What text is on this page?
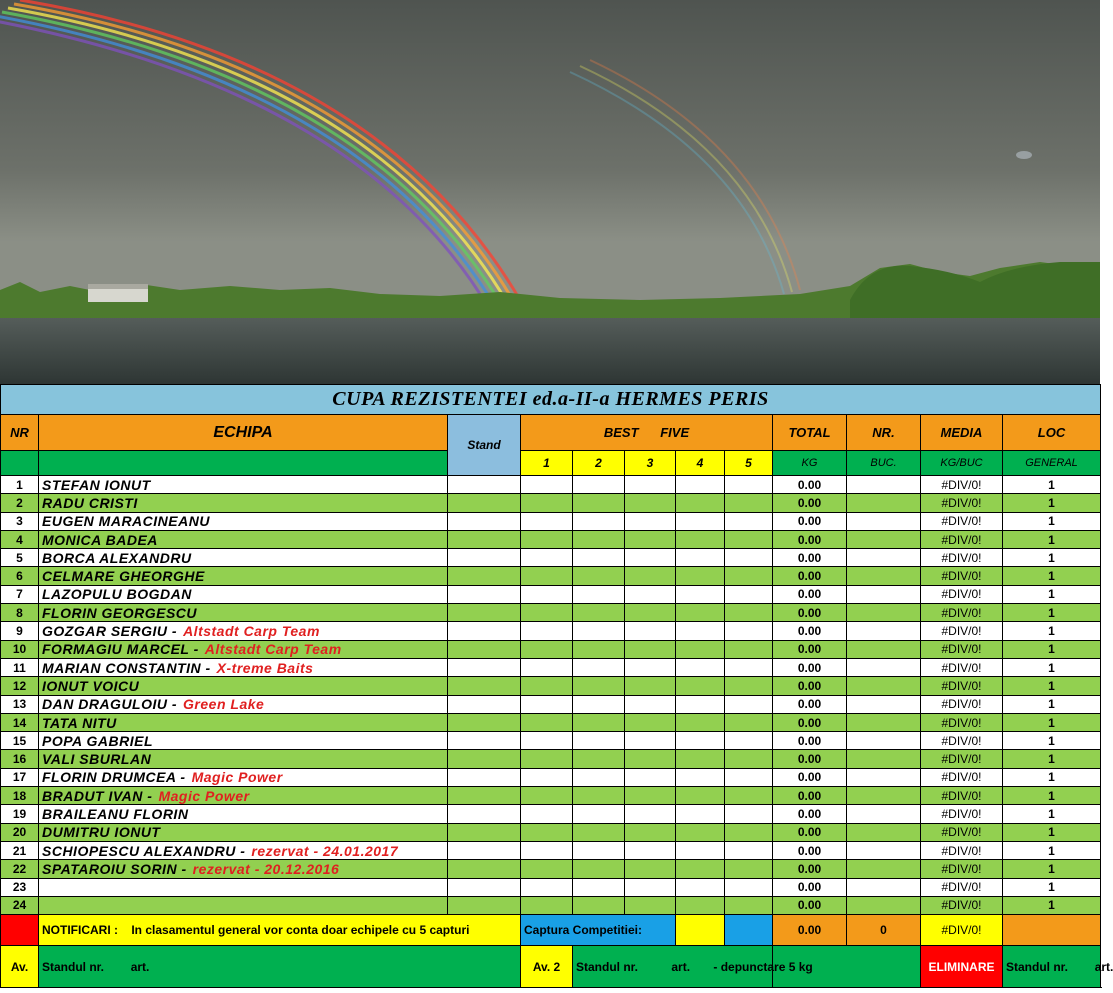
CUPA REZISTENTEI ed.a-II-a HERMES PERIS											
NR	ECHIPA	Stand	BEST FIVE					TOTAL	NR.	MEDIA	LOC
			1	2	3	4	5	KG	BUC.	KG/BUC	GENERAL
1	STEFAN IONUT							0.00		#DIV/0!	1
2	RADU CRISTI							0.00		#DIV/0!	1
3	EUGEN MARACINEANU							0.00		#DIV/0!	1
4	MONICA BADEA							0.00		#DIV/0!	1
5	BORCA ALEXANDRU							0.00		#DIV/0!	1
6	CELMARE GHEORGHE							0.00		#DIV/0!	1
7	LAZOPULU BOGDAN							0.00		#DIV/0!	1
8	FLORIN GEORGESCU							0.00		#DIV/0!	1
9	GOZGAR SERGIU - Altstadt Carp Team							0.00		#DIV/0!	1
10	FORMAGIU MARCEL - Altstadt Carp Team							0.00		#DIV/0!	1
11	MARIAN CONSTANTIN - X-treme Baits							0.00		#DIV/0!	1
12	IONUT VOICU							0.00		#DIV/0!	1
13	DAN DRAGULOIU - Green Lake							0.00		#DIV/0!	1
14	TATA NITU							0.00		#DIV/0!	1
15	POPA GABRIEL							0.00		#DIV/0!	1
16	VALI SBURLAN							0.00		#DIV/0!	1
17	FLORIN DRUMCEA - Magic Power							0.00		#DIV/0!	1
18	BRADUT IVAN - Magic Power							0.00		#DIV/0!	1
19	BRAILEANU FLORIN							0.00		#DIV/0!	1
20	DUMITRU IONUT							0.00		#DIV/0!	1
21	SCHIOPESCU ALEXANDRU - rezervat - 24.01.2017							0.00		#DIV/0!	1
22	SPATAROIU SORIN - rezervat - 20.12.2016							0.00		#DIV/0!	1
23								0.00		#DIV/0!	1
24								0.00		#DIV/0!	1
	NOTIFICARI : In clasamentul general vor conta doar echipele cu 5 capturi		Captura Competitiei:					0.00	0	#DIV/0!	
Av.	Standul nr. art.		Av. 2	Standul nr. art. - depunctare 5 kg						ELIMINARE	Standul nr. art.
